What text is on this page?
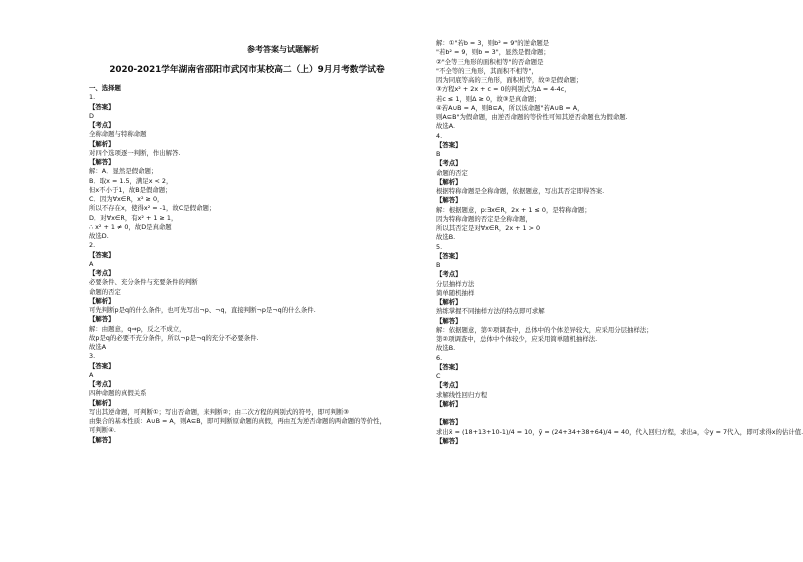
参考答案与试题解析
2020-2021学年湖南省邵阳市武冈市某校高二（上）9月月考数学试卷
一、选择题
1.
【答案】
D
【考点】
全称命题与特称命题
【解析】
对四个选项逐一判断，作出解答.
【解答】
解：A．显然是假命题；
B．取x = 1.5，满足x < 2，
但x不小于1，故B是假命题；
C．因为∀x∈R，x² ≥ 0，
所以不存在x，使得x² = -1，故C是假命题；
D．对∀x∈R，有x² + 1 ≥ 1，
∴ x² + 1 ≠ 0，故D是真命题
故选D.
2.
【答案】
A
【考点】
必要条件、充分条件与充要条件的判断
命题的否定
【解析】
可先判断p是q的什么条件，也可先写出¬p、¬q，直接判断¬p是¬q的什么条件.
【解答】
解：由题意，q⇒p，反之不成立，
故p是q的必要不充分条件，所以¬p是¬q的充分不必要条件.
故选A
3.
【答案】
A
【考点】
四种命题的真假关系
【解析】
写出其逆命题，可判断①；写出否命题，来判断②；由二次方程的判别式的符号，即可判断③
由集合的基本性质：A∪B = A，则A⊆B，即可判断原命题的真假，再由互为逆否命题的两命题的等价性，
可判断④.
【解答】
解：①"若b = 3，则b² = 9"的逆命题是
"若b² = 9，则b = 3"，显然是假命题；
②"全等三角形的面积相等"的否命题是
"不全等的三角形，其面积不相等"，
因为同底等高的三角形，面积相等，故②是假命题；
③方程x² + 2x + c = 0的判别式为Δ = 4-4c，
若c ≤ 1，则Δ ≥ 0，故③是真命题；
④若A∪B = A，则B⊆A，所以该命题"若A∪B = A，
则A⊆B"为假命题，由逆否命题的等价性可知其逆否命题也为假命题.
故选A.
4.
【答案】
B
【考点】
命题的否定
【解析】
根据特称命题是全称命题，依据题意，写出其否定即得答案.
【解答】
解：根据题意，p:∃x∈R，2x + 1 ≤ 0，是特称命题；
因为特称命题的否定是全称命题，
所以其否定是对∀x∈R，2x + 1 > 0
故选B.
5.
【答案】
B
【考点】
分层抽样方法
简单随机抽样
【解析】
熟练掌握不同抽样方法的特点即可求解
【解答】
解：依据题意，第①项调查中，总体中的个体差异较大，应采用分层抽样法；
第②项调查中，总体中个体较少，应采用简单随机抽样法.
故选B.
6.
【答案】
C
【考点】
求解线性回归方程
【解析】

【解答】
求出x̄ = (18+13+10-1)/4 = 10，ȳ = (24+34+38+64)/4 = 40，代入回归方程，求出a，令y = 7代入，即可求得x的估计值.
【解答】
